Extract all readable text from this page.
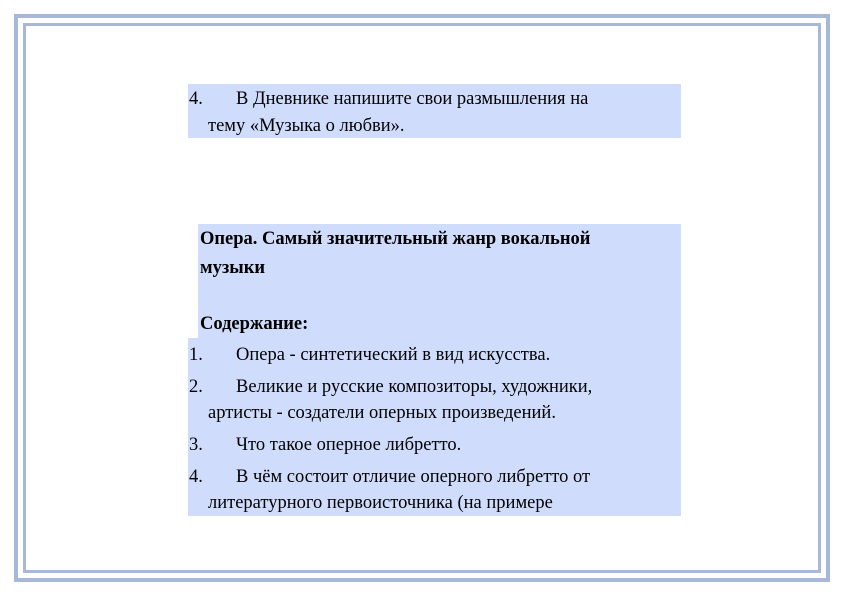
4. В Дневнике напишите свои размышления на
тему «Музыка о любви».
Опера. Самый значительный жанр вокальной
музыки
Содержание:
1. Опера - синтетический в вид искусства.
2. Великие и русские композиторы, художники,
артисты - создатели оперных произведений.
3. Что такое оперное либретто.
4. В чём состоит отличие оперного либретто от
литературного первоисточника (на примере
